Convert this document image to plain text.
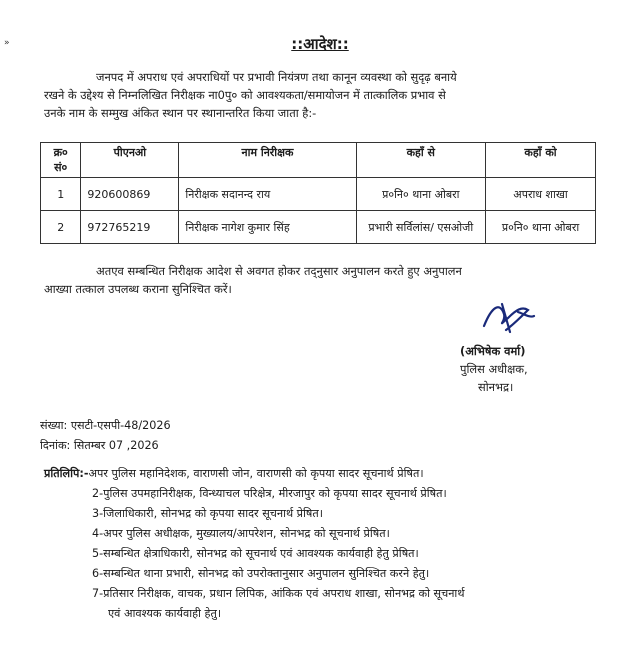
»	::आदेश::
जनपद में अपराध एवं अपराधियों पर प्रभावी नियंत्रण तथा कानून व्यवस्था को सुदृढ़ बनाये
रखने के उद्देश्य से निम्नलिखित निरीक्षक ना0पु० को आवश्यकता/समायोजन में तात्कालिक प्रभाव से
उनके नाम के सम्मुख अंकित स्थान पर स्थानान्तरित किया जाता है:-
क्र० सं०	पीएनओ	नाम निरीक्षक	कहाँ से	कहाँ को
1	920600869	निरीक्षक सदानन्द राय	प्र०नि० थाना ओबरा	अपराध शाखा
2	972765219	निरीक्षक नागेश कुमार सिंह	प्रभारी सर्विलांस/ एसओजी	प्र०नि० थाना ओबरा
अतएव सम्बन्धित निरीक्षक आदेश से अवगत होकर तद्नुसार अनुपालन करते हुए अनुपालन
आख्या तत्काल उपलब्ध कराना सुनिश्चित करें।
(अभिषेक वर्मा)
पुलिस अधीक्षक,
सोनभद्र।
संख्या: एसटी-एसपी-48/2026
दिनांक: सितम्बर 07 ,2026
प्रतिलिपि:-अपर पुलिस महानिदेशक, वाराणसी जोन, वाराणसी को कृपया सादर सूचनार्थ प्रेषित।
2-पुलिस उपमहानिरीक्षक, विन्ध्याचल परिक्षेत्र, मीरजापुर को कृपया सादर सूचनार्थ प्रेषित।
3-जिलाधिकारी, सोनभद्र को कृपया सादर सूचनार्थ प्रेषित।
4-अपर पुलिस अधीक्षक, मुख्यालय/आपरेशन, सोनभद्र को सूचनार्थ प्रेषित।
5-सम्बन्धित क्षेत्राधिकारी, सोनभद्र को सूचनार्थ एवं आवश्यक कार्यवाही हेतु प्रेषित।
6-सम्बन्धित थाना प्रभारी, सोनभद्र को उपरोक्तानुसार अनुपालन सुनिश्चित करने हेतु।
7-प्रतिसार निरीक्षक, वाचक, प्रधान लिपिक, आंकिक एवं अपराध शाखा, सोनभद्र को सूचनार्थ
एवं आवश्यक कार्यवाही हेतु।
